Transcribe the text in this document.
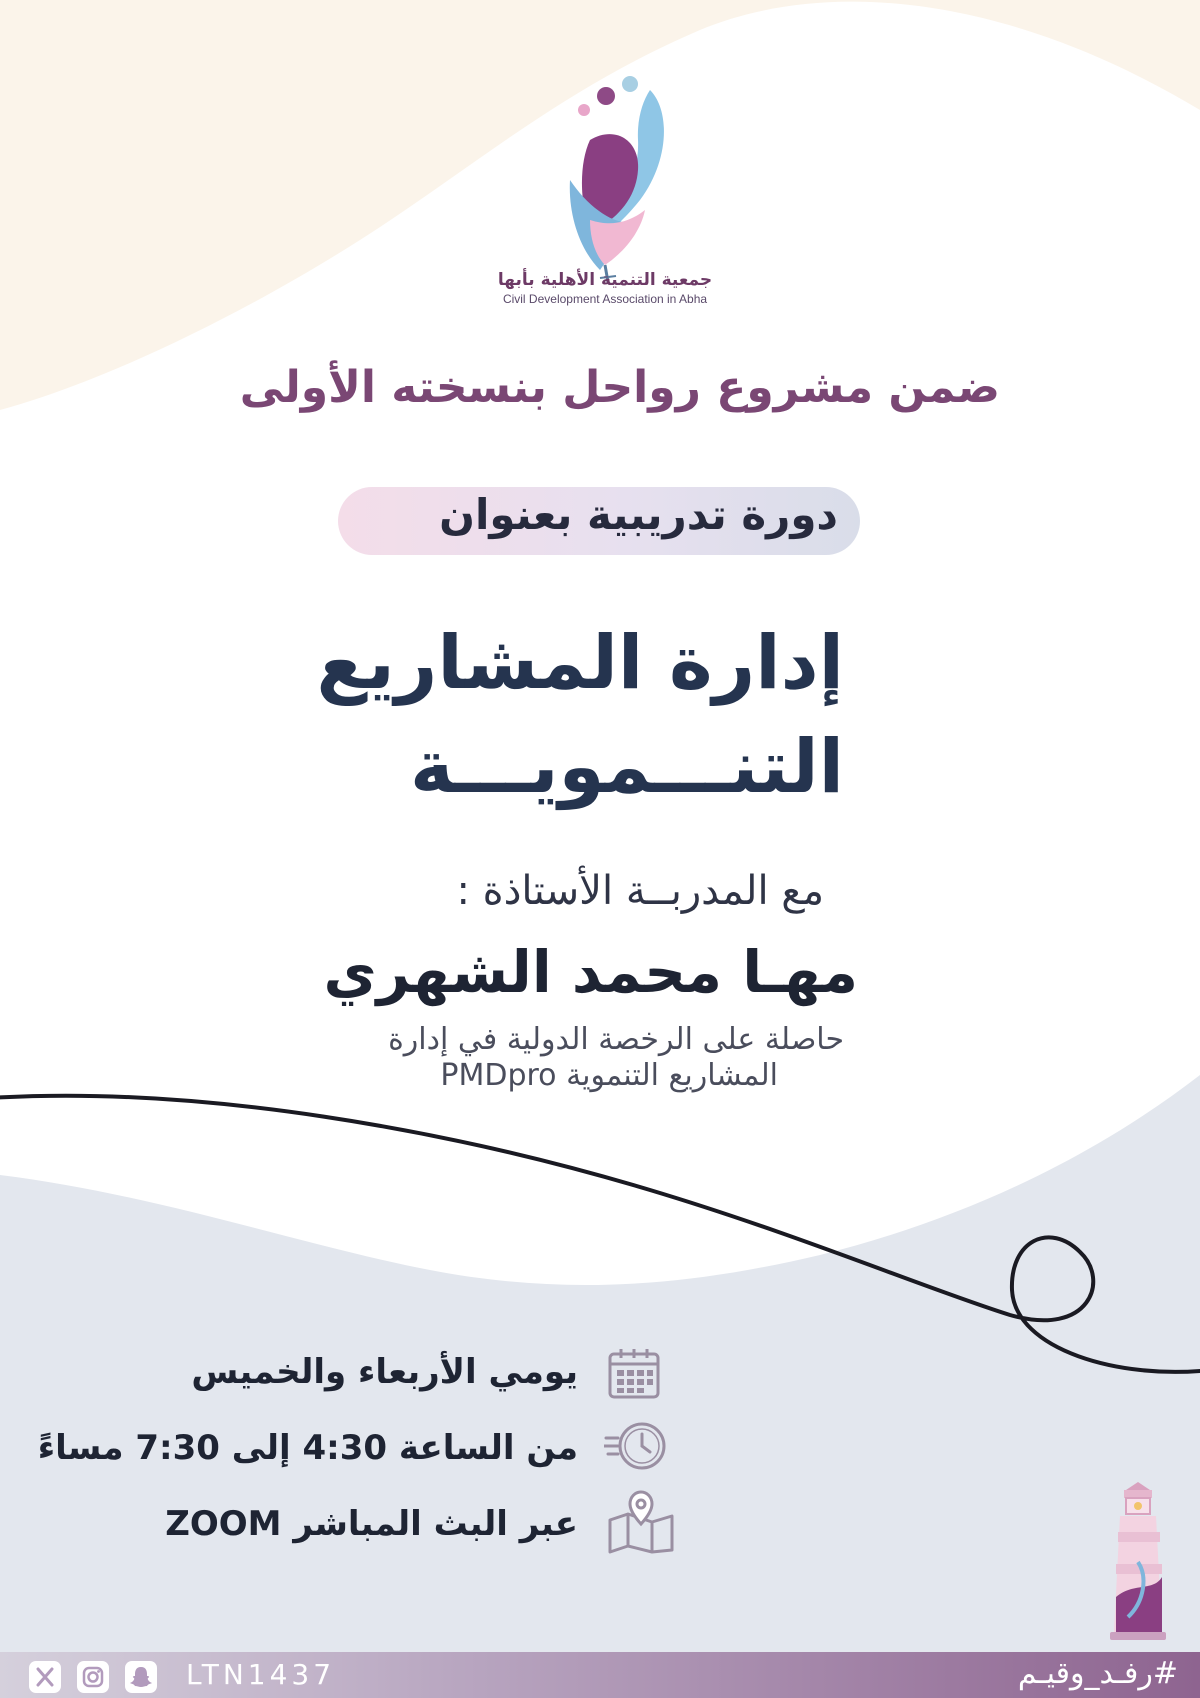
جمعية التنمية الأهلية بأبها
Civil Development Association in Abha
ضمن مشروع رواحل بنسخته الأولى
دورة تدريبية بعنوان
إدارة المشاريع
التنـــمويـــة
مع المدربــة الأستاذة :
مهـا محمد الشهري
حاصلة على الرخصة الدولية في إدارة
المشاريع التنموية PMDpro
يومي الأربعاء والخميس
من الساعة 4:30 إلى 7:30 مساءً
عبر البث المباشر ZOOM
LTN1437	#رفـد_وقيـم
